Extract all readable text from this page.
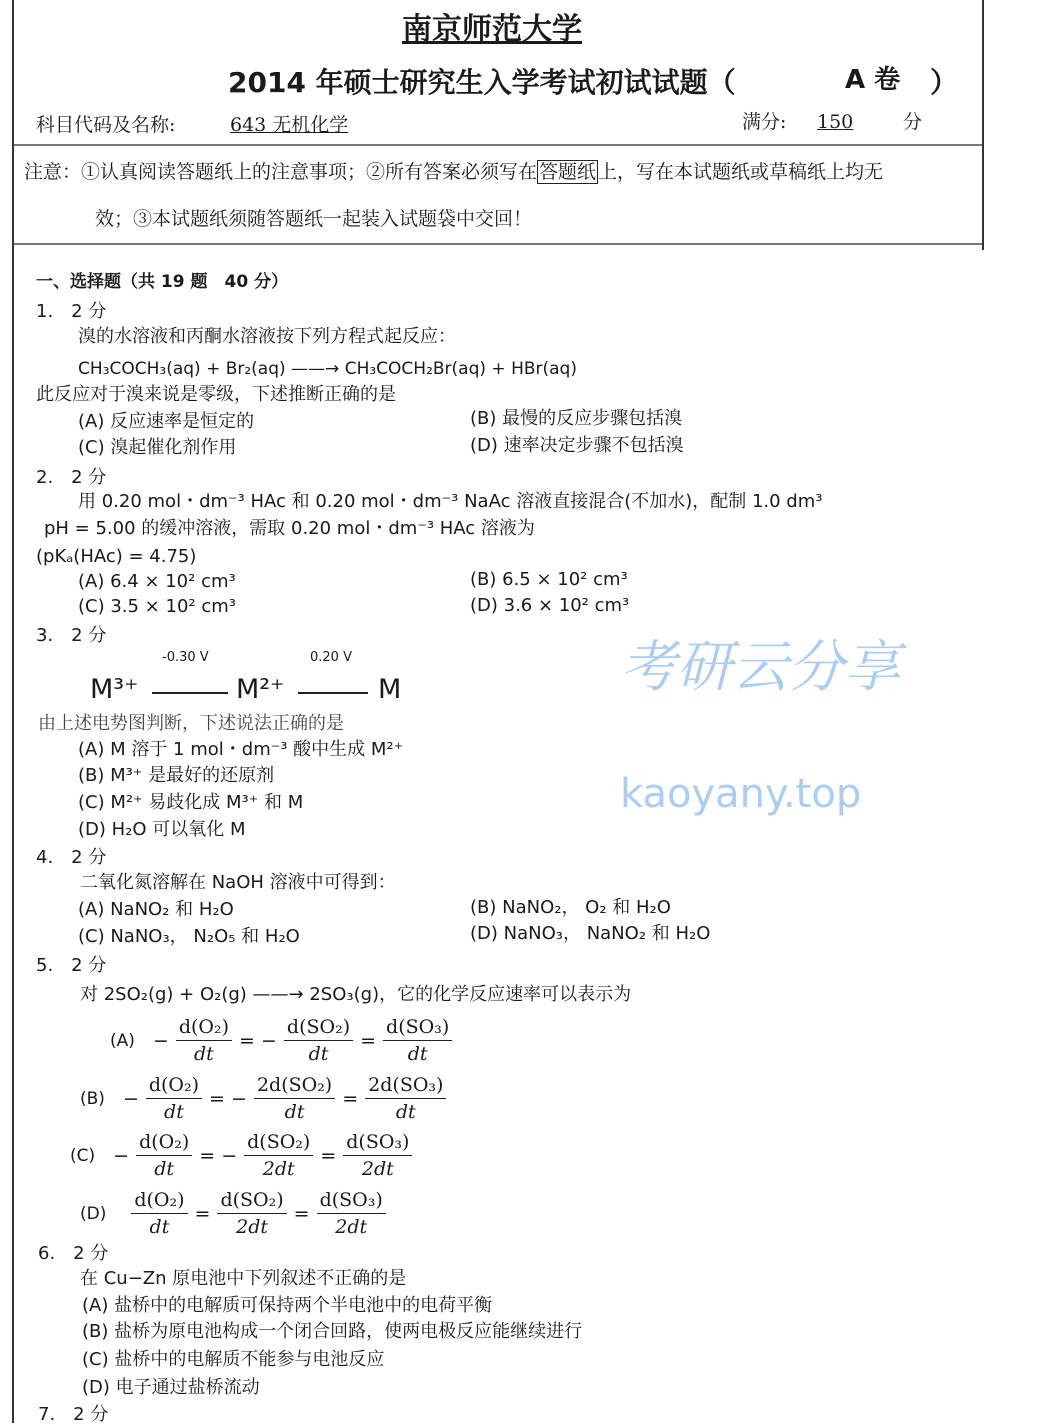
南京师范大学
2014 年硕士研究生入学考试初试试题（	A 卷 ）
科目代码及名称:	643 无机化学	满分: 150	分
注意：①认真阅读答题纸上的注意事项；②所有答案必须写在 答题纸 上，写在本试题纸或草稿纸上均无
效；③本试题纸须随答题纸一起装入试题袋中交回！
一、选择题（共 19 题　40 分）
1.　2 分
溴的水溶液和丙酮水溶液按下列方程式起反应：
CH₃COCH₃(aq) + Br₂(aq) ——→ CH₃COCH₂Br(aq) + HBr(aq)
此反应对于溴来说是零级，下述推断正确的是
(A) 反应速率是恒定的	(B) 最慢的反应步骤包括溴
(C) 溴起催化剂作用	(D) 速率决定步骤不包括溴
2.　2 分
用 0.20 mol・dm⁻³ HAc 和 0.20 mol・dm⁻³ NaAc 溶液直接混合(不加水)，配制 1.0 dm³
pH = 5.00 的缓冲溶液，需取 0.20 mol・dm⁻³ HAc 溶液为
(pKₐ(HAc) = 4.75)
(A) 6.4 × 10² cm³	(B) 6.5 × 10² cm³
(C) 3.5 × 10² cm³	(D) 3.6 × 10² cm³
3.　2 分
M³⁺
-0.30 V
M²⁺
0.20 V
M
由上述电势图判断，下述说法正确的是
(A) M 溶于 1 mol・dm⁻³ 酸中生成 M²⁺
(B) M³⁺ 是最好的还原剂
(C) M²⁺ 易歧化成 M³⁺ 和 M
(D) H₂O 可以氧化 M
4.　2 分
二氧化氮溶解在 NaOH 溶液中可得到：
(A) NaNO₂ 和 H₂O	(B) NaNO₂， O₂ 和 H₂O
(C) NaNO₃， N₂O₅ 和 H₂O	(D) NaNO₃， NaNO₂ 和 H₂O
5.　2 分
对 2SO₂(g) + O₂(g) ——→ 2SO₃(g)，它的化学反应速率可以表示为
$(A) - \frac{\text{d(O₂)}}{dt}$ = − $\frac{\text{d(SO₂)}}{dt} = \frac{\text{d(SO₃)}}{dt}$
$(B) - \frac{\text{d(O₂)}}{dt}$ = − $\frac{\text{2d(SO₂)}}{dt} = \frac{\text{2d(SO₃)}}{dt}$
$(C) - \frac{\text{d(O₂)}}{dt}$ = − $\frac{\text{d(SO₂)}}{2dt} = \frac{\text{d(SO₃)}}{2dt}$
$(D) \frac{\text{d(O₂)}}{dt} = \frac{\text{d(SO₂)}}{2dt} = \frac{\text{d(SO₃)}}{2dt}$
6.　2 分
在 Cu−Zn 原电池中下列叙述不正确的是
(A) 盐桥中的电解质可保持两个半电池中的电荷平衡
(B) 盐桥为原电池构成一个闭合回路，使两电极反应能继续进行
(C) 盐桥中的电解质不能参与电池反应
(D) 电子通过盐桥流动
7.　2 分
考研云分享
kaoyany.top
